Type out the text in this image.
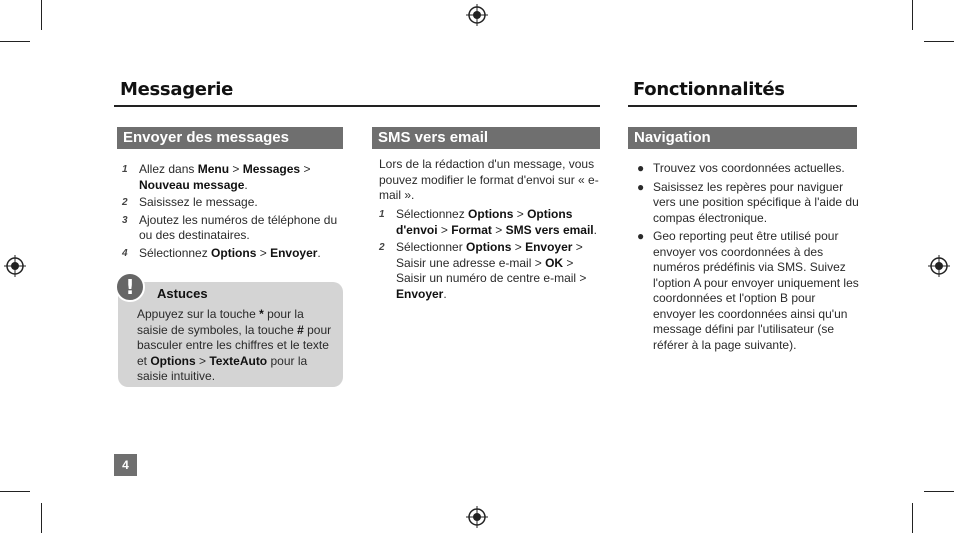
Messagerie
Envoyer des messages
1 Allez dans Menu > Messages > Nouveau message.
2 Saisissez le message.
3 Ajoutez les numéros de téléphone du ou des destinataires.
4 Sélectionnez Options > Envoyer.
!	Astuces
Appuyez sur la touche * pour la saisie de symboles, la touche # pour basculer entre les chiffres et le texte et Options > TexteAuto pour la saisie intuitive.
SMS vers email
Lors de la rédaction d'un message, vous pouvez modifier le format d'envoi sur « e-mail ».
1 Sélectionnez Options > Options d'envoi > Format > SMS vers email.
2 Sélectionner Options > Envoyer > Saisir une adresse e-mail > OK > Saisir un numéro de centre e-mail > Envoyer.
Fonctionnalités
Navigation
● Trouvez vos coordonnées actuelles.
● Saisissez les repères pour naviguer vers une position spécifique à l'aide du compas électronique.
● Geo reporting peut être utilisé pour envoyer vos coordonnées à des numéros prédéfinis via SMS. Suivez l'option A pour envoyer uniquement les coordonnées et l'option B pour envoyer les coordonnées ainsi qu'un message défini par l'utilisateur (se référer à la page suivante).
4
